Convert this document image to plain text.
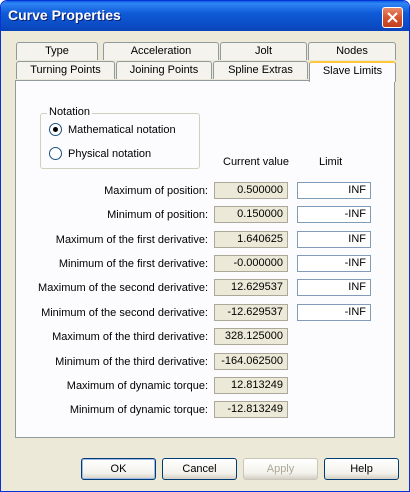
Curve Properties
Type	Acceleration	Jolt	Nodes
Turning Points	Joining Points	Spline Extras	Slave Limits
Notation
Mathematical notation
Physical notation
Current value	Limit
Maximum of position:	0.500000	INF
Minimum of position:	0.150000	-INF
Maximum of the first derivative:	1.640625	INF
Minimum of the first derivative:	-0.000000	-INF
Maximum of the second derivative:	12.629537	INF
Minimum of the second derivative:	-12.629537	-INF
Maximum of the third derivative:	328.125000
Minimum of the third derivative:	-164.062500
Maximum of dynamic torque:	12.813249
Minimum of dynamic torque:	-12.813249
OK	Cancel	Apply	Help
